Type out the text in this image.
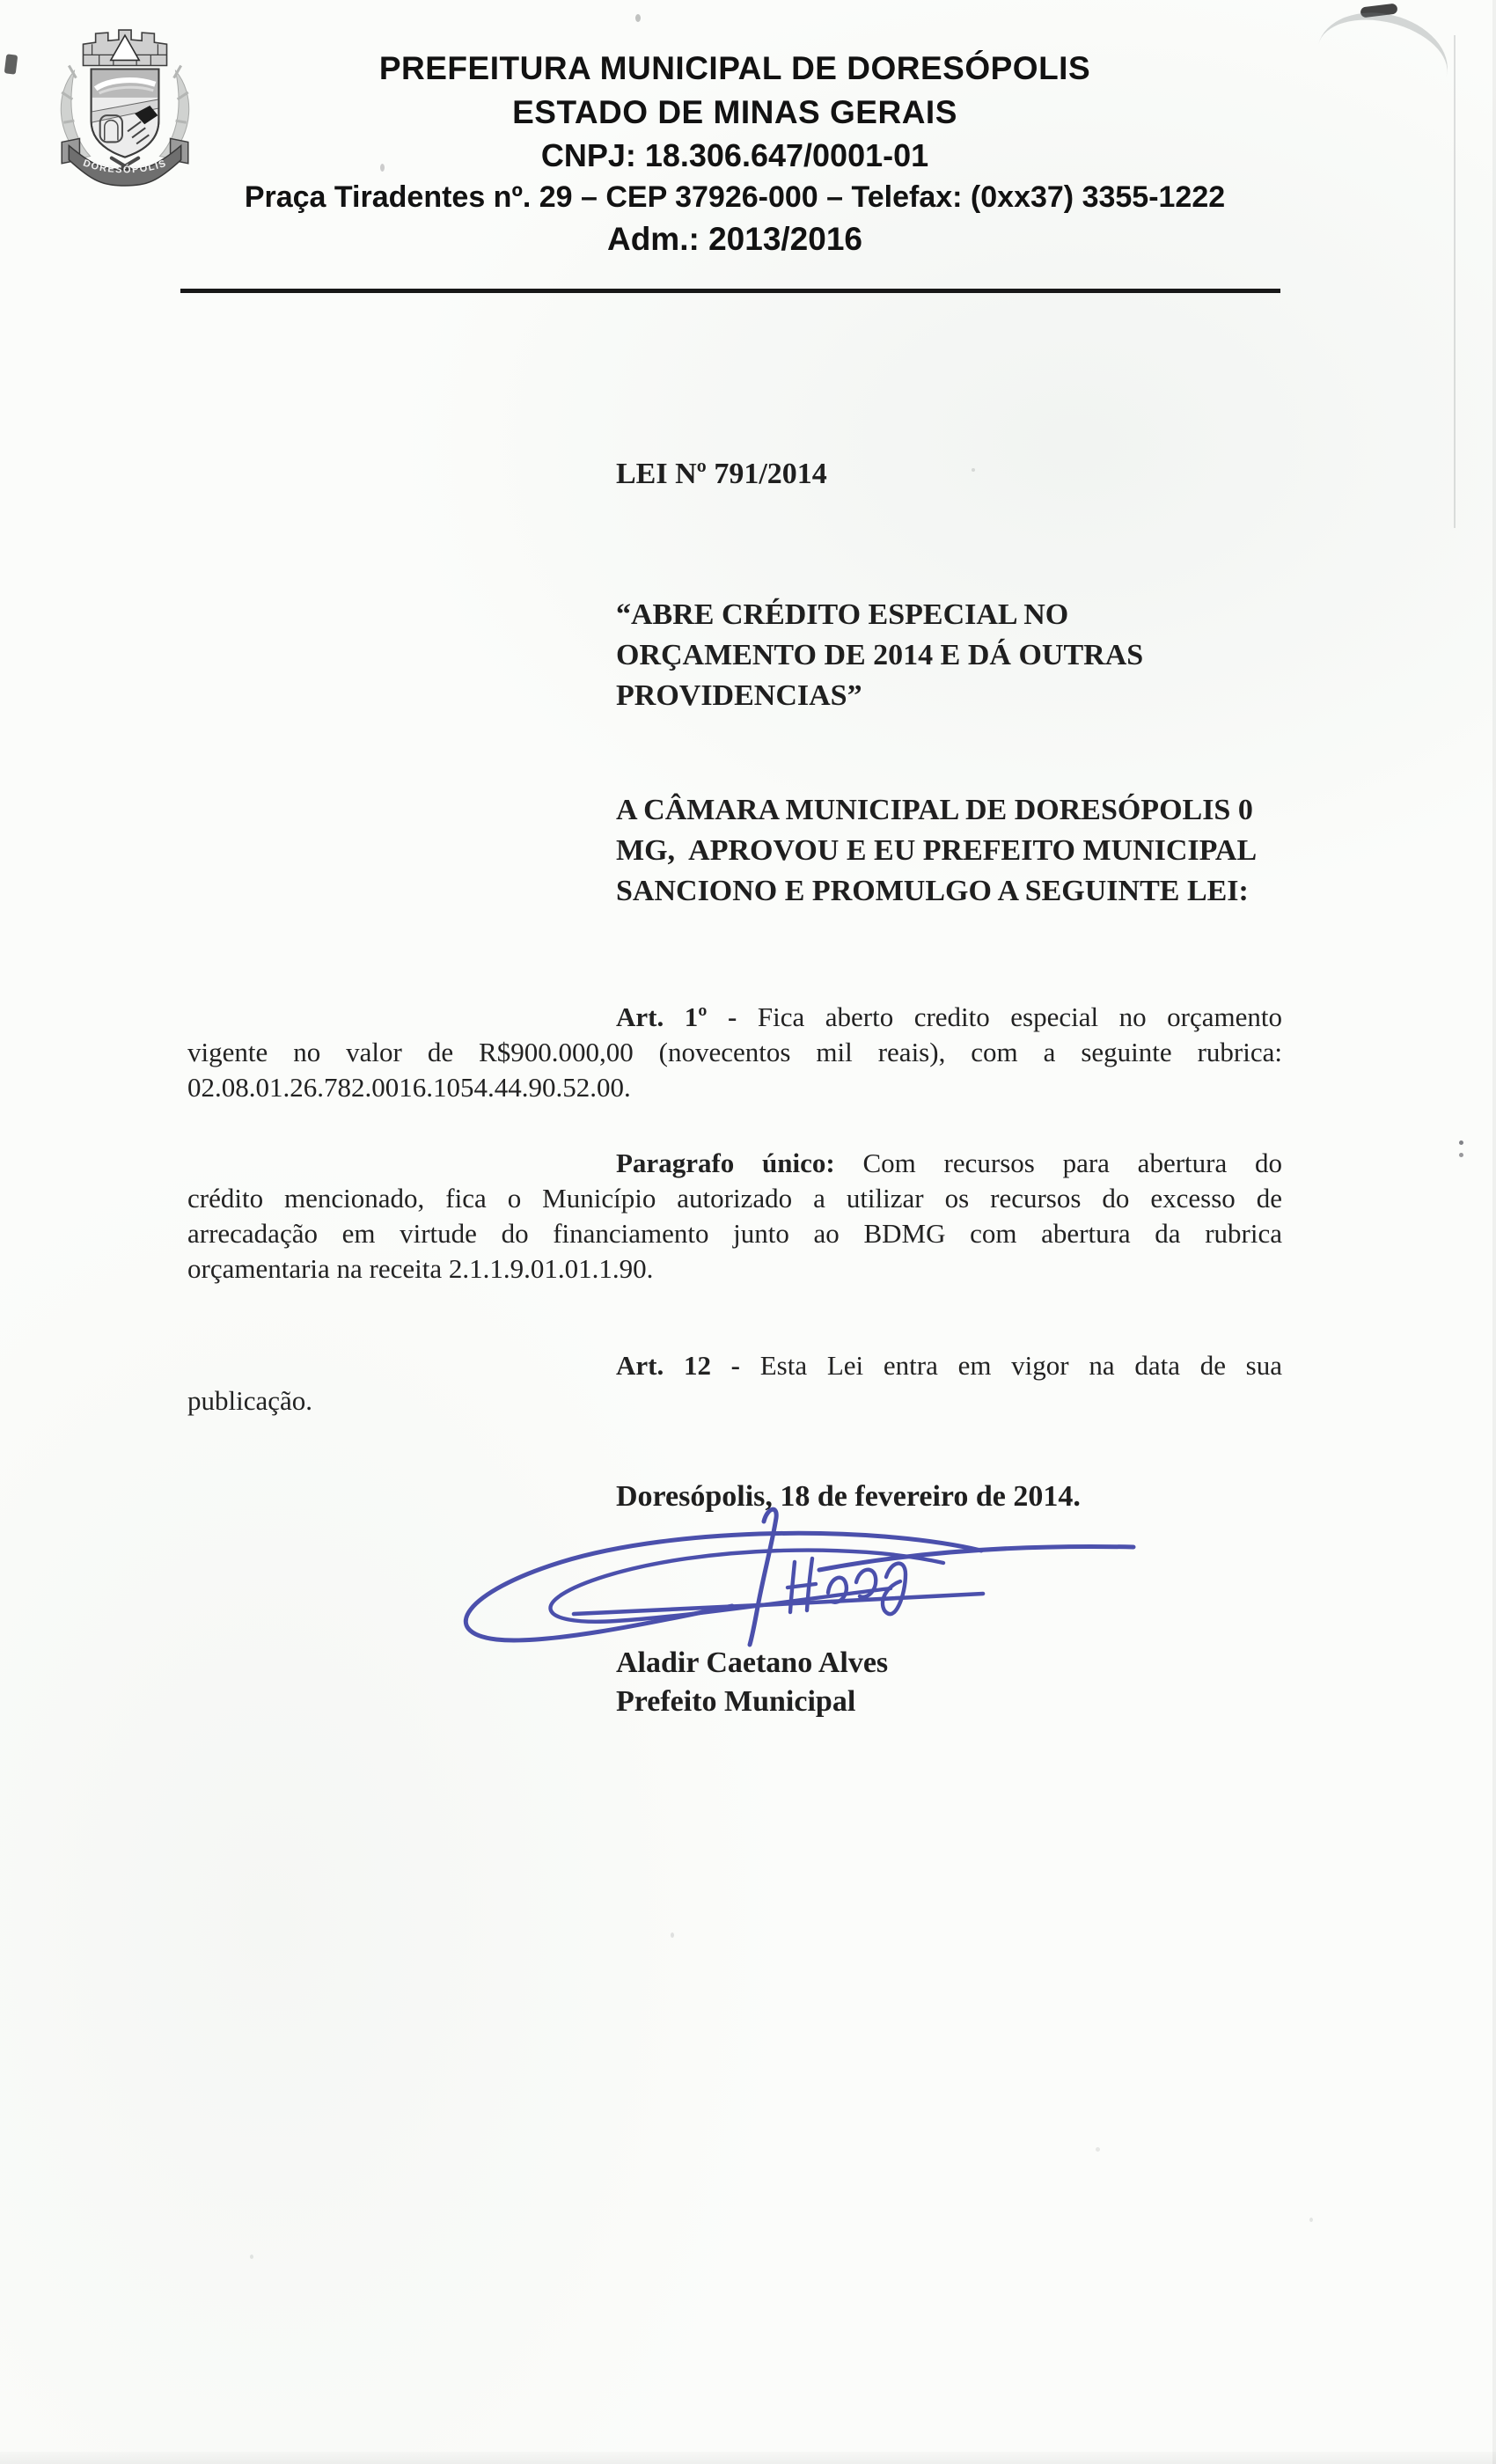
DORESÓPOLIS
PREFEITURA MUNICIPAL DE DORESÓPOLIS
ESTADO DE MINAS GERAIS
CNPJ: 18.306.647/0001-01
Praça Tiradentes nº. 29 – CEP 37926-000 – Telefax: (0xx37) 3355-1222
Adm.: 2013/2016
LEI Nº 791/2014
“ABRE CRÉDITO ESPECIAL NO
ORÇAMENTO DE 2014 E DÁ OUTRAS
PROVIDENCIAS”
A CÂMARA MUNICIPAL DE DORESÓPOLIS 0
MG,  APROVOU E EU PREFEITO MUNICIPAL
SANCIONO E PROMULGO A SEGUINTE LEI:
Art. 1º - Fica aberto credito especial no orçamento
vigente no valor de R$900.000,00 (novecentos mil reais), com a seguinte rubrica:
02.08.01.26.782.0016.1054.44.90.52.00.
Paragrafo único: Com recursos para abertura do
crédito mencionado, fica o Município autorizado a utilizar os recursos do excesso de
arrecadação em virtude do financiamento junto ao BDMG com abertura da rubrica
orçamentaria na receita 2.1.1.9.01.01.1.90.
Art. 12 - Esta Lei entra em vigor na data de sua
publicação.
Doresópolis, 18 de fevereiro de 2014.
Aladir Caetano Alves
Prefeito Municipal
